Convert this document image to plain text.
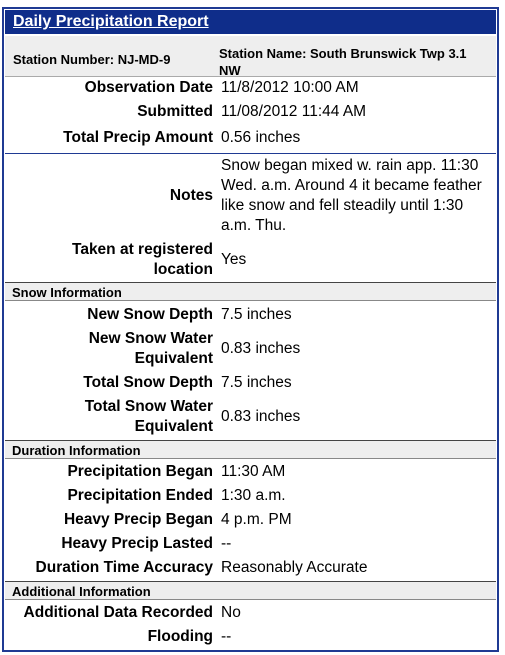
Daily Precipitation Report
Station Number: NJ-MD-9	Station Name: South Brunswick Twp 3.1 NW
Observation Date 11/8/2012 10:00 AM
Submitted 11/08/2012 11:44 AM
Total Precip Amount 0.56 inches
Notes
Snow began mixed w. rain app. 11:30 Wed. a.m. Around 4 it became feather like snow and fell steadily until 1:30 a.m. Thu.
Taken at registered location
Yes
Snow Information
New Snow Depth 7.5 inches
New Snow Water Equivalent
0.83 inches
Total Snow Depth 7.5 inches
Total Snow Water Equivalent
0.83 inches
Duration Information
Precipitation Began 11:30 AM
Precipitation Ended 1:30 a.m.
Heavy Precip Began 4 p.m. PM
Heavy Precip Lasted --
Duration Time Accuracy Reasonably Accurate
Additional Information
Additional Data Recorded No
Flooding --
